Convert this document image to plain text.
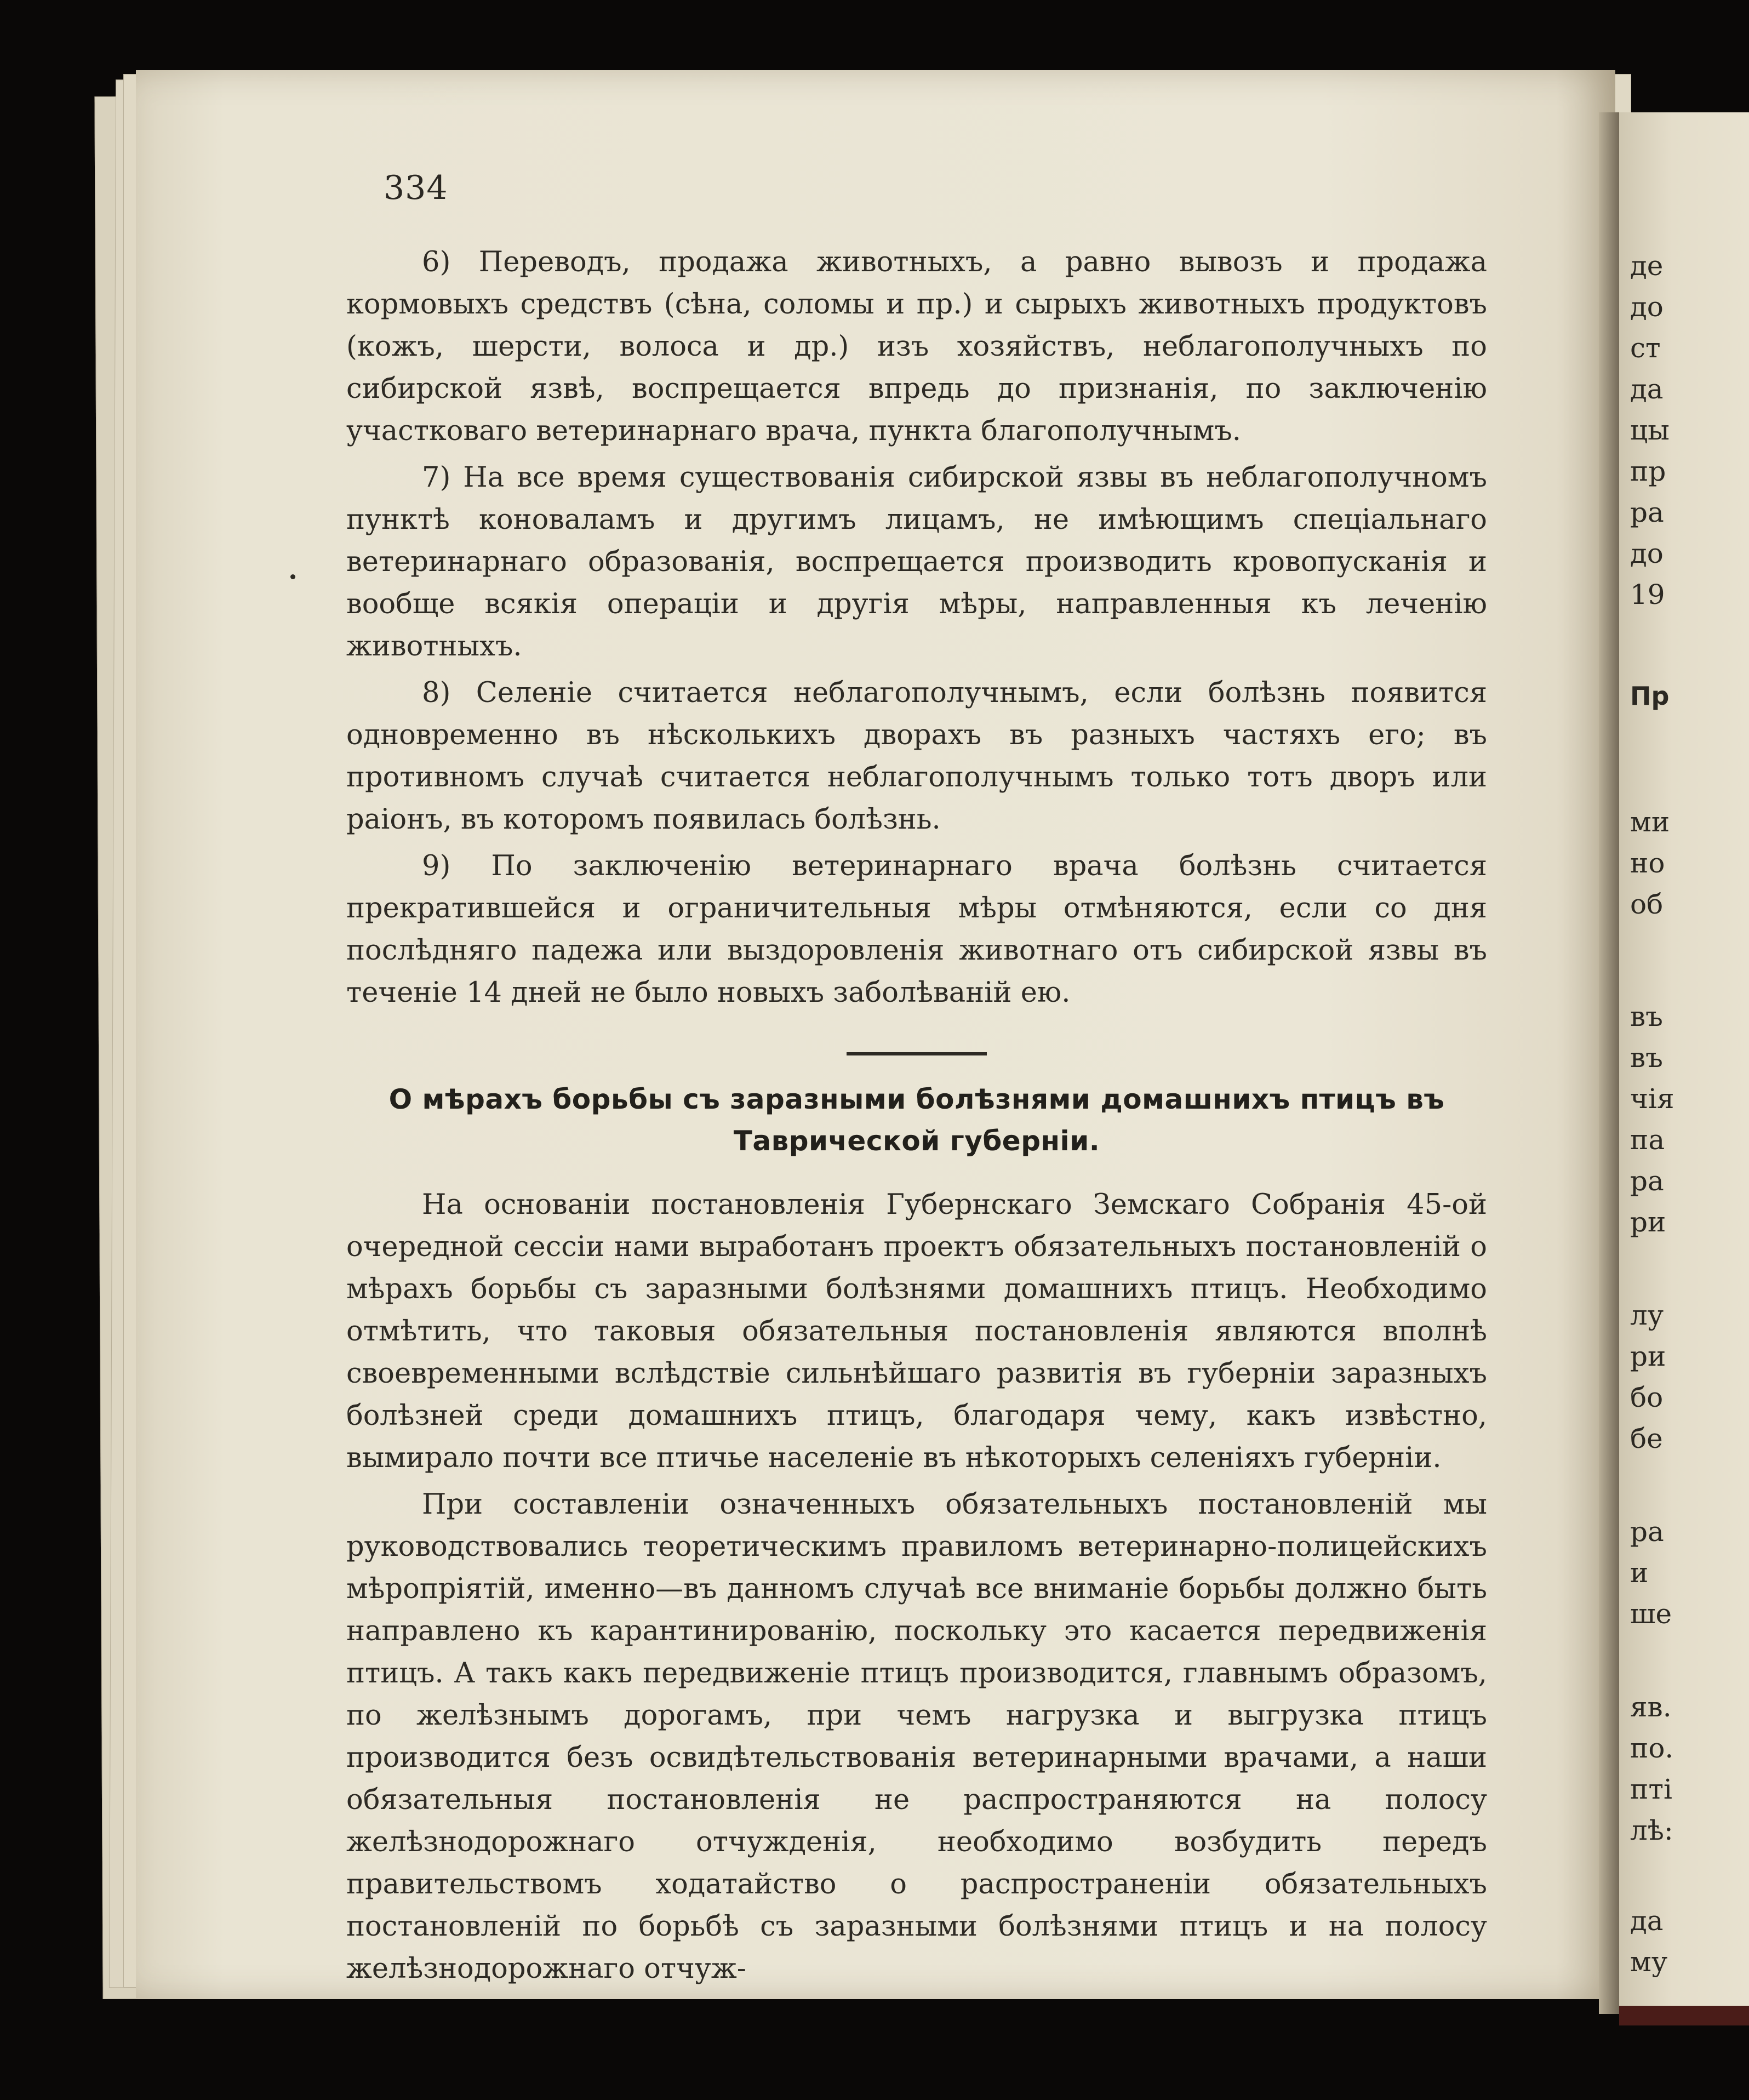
де
до
ст
да
цы
пр
ра
до
19
Пр
ми
но
об
въ
въ
чія
па
ра
ри
лу
ри
бо
бе
ра
и
ше
яв.
по.
пті
лѣ:
да
му
334

6) Переводъ, продажа животныхъ, а равно вывозъ и продажа кормовыхъ средствъ (сѣна, соломы и пр.) и сырыхъ животныхъ продуктовъ (кожъ, шерсти, волоса и др.) изъ хозяйствъ, неблагополучныхъ по сибирской язвѣ, воспрещается впредь до признанія, по заключенію участковаго ветеринарнаго врача, пункта благополучнымъ.

7) На все время существованія сибирской язвы въ неблагополучномъ пунктѣ коноваламъ и другимъ лицамъ, не имѣющимъ спеціальнаго ветеринарнаго образованія, воспрещается производить кровопусканія и вообще всякія операціи и другія мѣры, направленныя къ леченію животныхъ.

8) Селеніе считается неблагополучнымъ, если болѣзнь появится одновременно въ нѣсколькихъ дворахъ въ разныхъ частяхъ его; въ противномъ случаѣ считается неблагополучнымъ только тотъ дворъ или раіонъ, въ которомъ появилась болѣзнь.

9) По заключенію ветеринарнаго врача болѣзнь считается прекратившейся и ограничительныя мѣры отмѣняются, если со дня послѣдняго падежа или выздоровленія животнаго отъ сибирской язвы въ теченіе 14 дней не было новыхъ заболѣваній ею.

О мѣрахъ борьбы съ заразными болѣзнями домашнихъ птицъ въ Таврической губерніи.

На основаніи постановленія Губернскаго Земскаго Собранія 45-ой очередной сессіи нами выработанъ проектъ обязательныхъ постановленій о мѣрахъ борьбы съ заразными болѣзнями домашнихъ птицъ. Необходимо отмѣтить, что таковыя обязательныя постановленія являются вполнѣ своевременными вслѣдствіе сильнѣйшаго развитія въ губерніи заразныхъ болѣзней среди домашнихъ птицъ, благодаря чему, какъ извѣстно, вымирало почти все птичье населеніе въ нѣкоторыхъ селеніяхъ губерніи.

При составленіи означенныхъ обязательныхъ постановленій мы руководствовались теоретическимъ правиломъ ветеринарно-полицейскихъ мѣропріятій, именно—въ данномъ случаѣ все вниманіе борьбы должно быть направлено къ карантинированію, поскольку это касается передвиженія птицъ. А такъ какъ передвиженіе птицъ производится, главнымъ образомъ, по желѣзнымъ дорогамъ, при чемъ нагрузка и выгрузка птицъ производится безъ освидѣтельствованія ветеринарными врачами, а наши обязательныя постановленія не распространяются на полосу желѣзнодорожнаго отчужденія, необходимо возбудить передъ правительствомъ ходатайство о распространеніи обязательныхъ постановленій по борьбѣ съ заразными болѣзнями птицъ и на полосу желѣзнодорожнаго отчуж-
